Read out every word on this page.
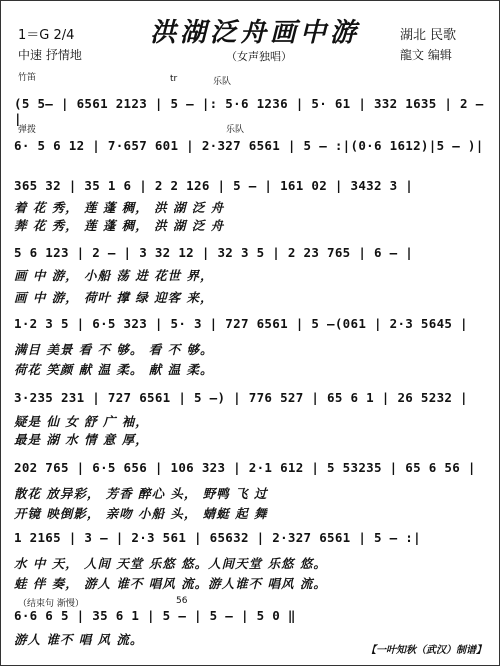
洪湖泛舟画中游
1＝G 2/4
中速 抒情地	（女声独唱）
湖北 民歌
龍文 编辑
竹笛	tr	乐队
弹拨	乐队
(5 5― | 6561 2123 | 5 ― |: 5·6 1236 | 5· 61 | 332 1635 | 2 ― |
6· 5 6 12 | 7·657 601 | 2·327 6561 | 5 ― :|(0·6 1612)|5 ― )|
365 32 | 35 1 6 | 2 2 126 | 5 ― | 161 02 | 3432 3 |
着 花 秀， 莲 蓬 稠， 洪 湖 泛 舟
莾 花 秀， 莲 蓬 稠， 洪 湖 泛 舟
5 6 123 | 2 ― | 3 32 12 | 32 3 5 | 2 23 765 | 6 ― |
画 中 游， 小船 荡 进 花世 界，
画 中 游， 荷叶 撑 绿 迎客 来，
1·2 3 5 | 6·5 323 | 5· 3 | 727 6561 | 5 ―(061 | 2·3 5645 |
满目 美景 看 不 够。 看 不 够。
荷花 笑颜 献 温 柔。 献 温 柔。
3·235 231 | 727 6561 | 5 ―) | 776 527 | 65 6 1 | 26 5232 |
疑是 仙 女 舒 广 袖，
最是 湖 水 情 意 厚，
202 765 | 6·5 656 | 106 323 | 2·1 612 | 5 53235 | 65 6 56 |
散花 放异彩， 芳香 醉心 头， 野鸭 飞 过
开镜 映倒影， 亲吻 小船 头， 蜻蜓 起 舞
1 2165 | 3 ― | 2·3 561 | 65632 | 2·327 6561 | 5 ― :|
水 中 天， 人间 天堂 乐悠 悠。人间天堂 乐悠 悠。
蛙 伴 奏， 游人 谁不 唱风 流。游人谁不 唱风 流。
（结束句 渐慢）	56
6·6 6 5 | 35 6 1 | 5 ― | 5 ― | 5 0 ‖
游人 谁不 唱 风 流。
【一叶知秋（武汉）制谱】
